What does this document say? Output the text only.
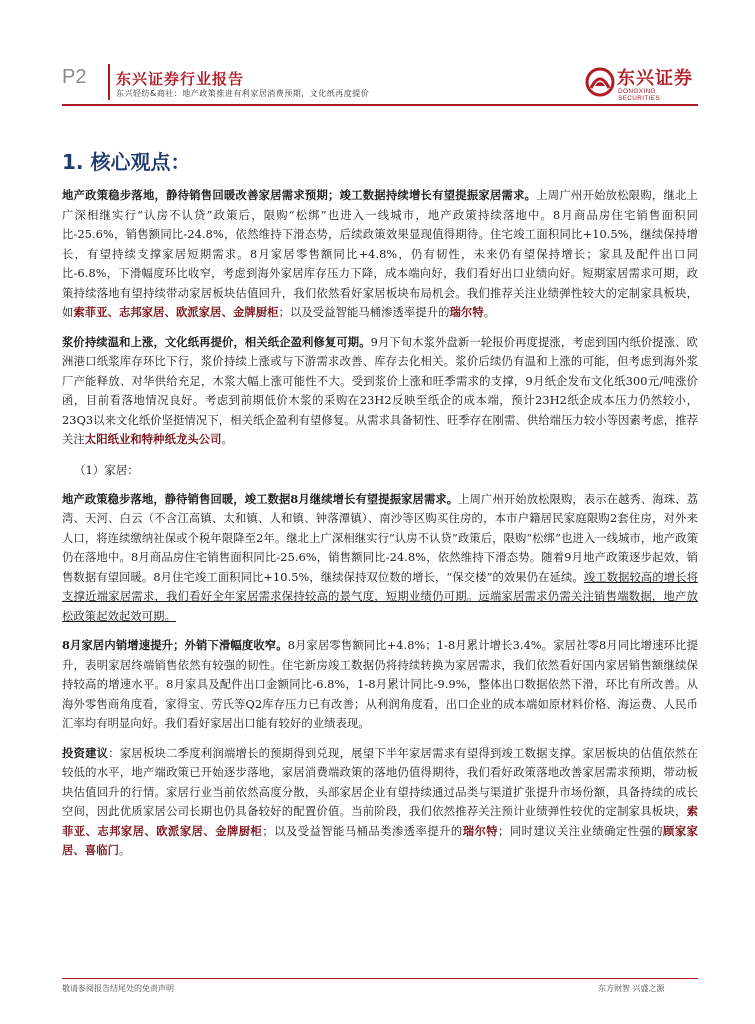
P2 东兴证券行业报告
东兴轻纺&商社：地产政策推进有利家居消费预期，文化纸再度提价
东兴证券
DONGXING SECURITIES
1. 核心观点：

地产政策稳步落地，静待销售回暖改善家居需求预期；竣工数据持续增长有望提振家居需求。上周广州开始放松限购，继北上广深相继实行“认房不认贷”政策后，限购“松绑”也进入一线城市，地产政策持续落地中。8月商品房住宅销售面积同比-25.6%，销售额同比-24.8%，依然维持下滑态势，后续政策效果显现值得期待。住宅竣工面积同比+10.5%，继续保持增长，有望持续支撑家居短期需求。8月家居零售额同比+4.8%，仍有韧性，未来仍有望保持增长；家具及配件出口同比-6.8%，下滑幅度环比收窄，考虑到海外家居库存压力下降，成本端向好，我们看好出口业绩向好。短期家居需求可期，政策持续落地有望持续带动家居板块估值回升，我们依然看好家居板块布局机会。我们推荐关注业绩弹性较大的定制家具板块，如索菲亚、志邦家居、欧派家居、金牌厨柜；以及受益智能马桶渗透率提升的瑞尔特。

浆价持续温和上涨，文化纸再提价，相关纸企盈利修复可期。9月下旬木浆外盘新一轮报价再度提涨，考虑到国内纸价提涨、欧洲港口纸浆库存环比下行，浆价持续上涨或与下游需求改善、库存去化相关。浆价后续仍有温和上涨的可能，但考虑到海外浆厂产能释放、对华供给充足，木浆大幅上涨可能性不大。受到浆价上涨和旺季需求的支撑，9月纸企发布文化纸300元/吨涨价函，目前看落地情况良好。考虑到前期低价木浆的采购在23H2反映至纸企的成本端，预计23H2纸企成本压力仍然较小，23Q3以来文化纸价坚挺情况下，相关纸企盈利有望修复。从需求具备韧性、旺季存在刚需、供给端压力较小等因素考虑，推荐关注太阳纸业和特种纸龙头公司。

（1）家居：

地产政策稳步落地，静待销售回暖，竣工数据8月继续增长有望提振家居需求。上周广州开始放松限购，表示在越秀、海珠、荔湾、天河、白云（不含江高镇、太和镇、人和镇、钟落潭镇）、南沙等区购买住房的，本市户籍居民家庭限购2套住房，对外来人口，将连续缴纳社保或个税年限降至2年。继北上广深相继实行“认房不认贷”政策后，限购“松绑”也进入一线城市，地产政策仍在落地中。8月商品房住宅销售面积同比-25.6%，销售额同比-24.8%，依然维持下滑态势。随着9月地产政策逐步起效，销售数据有望回暖。8月住宅竣工面积同比+10.5%，继续保持双位数的增长，“保交楼”的效果仍在延续。竣工数据较高的增长将支撑近端家居需求，我们看好全年家居需求保持较高的景气度，短期业绩仍可期。远端家居需求仍需关注销售端数据，地产放松政策起效起效可期。

8月家居内销增速提升；外销下滑幅度收窄。8月家居零售额同比+4.8%；1-8月累计增长3.4%。家居社零8月同比增速环比提升，表明家居终端销售依然有较强的韧性。住宅新房竣工数据仍将持续转换为家居需求，我们依然看好国内家居销售额继续保持较高的增速水平。8月家具及配件出口金额同比-6.8%，1-8月累计同比-9.9%，整体出口数据依然下滑，环比有所改善。从海外零售商角度看，家得宝、劳氏等Q2库存压力已有改善；从利润角度看，出口企业的成本端如原材料价格、海运费、人民币汇率均有明显向好。我们看好家居出口能有较好的业绩表现。

投资建议：家居板块二季度利润端增长的预期得到兑现，展望下半年家居需求有望得到竣工数据支撑。家居板块的估值依然在较低的水平，地产端政策已开始逐步落地，家居消费端政策的落地仍值得期待，我们看好政策落地改善家居需求预期，带动板块估值回升的行情。家居行业当前依然高度分散，头部家居企业有望持续通过品类与渠道扩张提升市场份额，具备持续的成长空间，因此优质家居公司长期也仍具备较好的配置价值。当前阶段，我们依然推荐关注预计业绩弹性较优的定制家具板块，索菲亚、志邦家居、欧派家居、金牌厨柜；以及受益智能马桶品类渗透率提升的瑞尔特；同时建议关注业绩确定性强的顾家家居、喜临门。

敬请参阅报告结尾处的免责声明	东方财智 兴盛之源
